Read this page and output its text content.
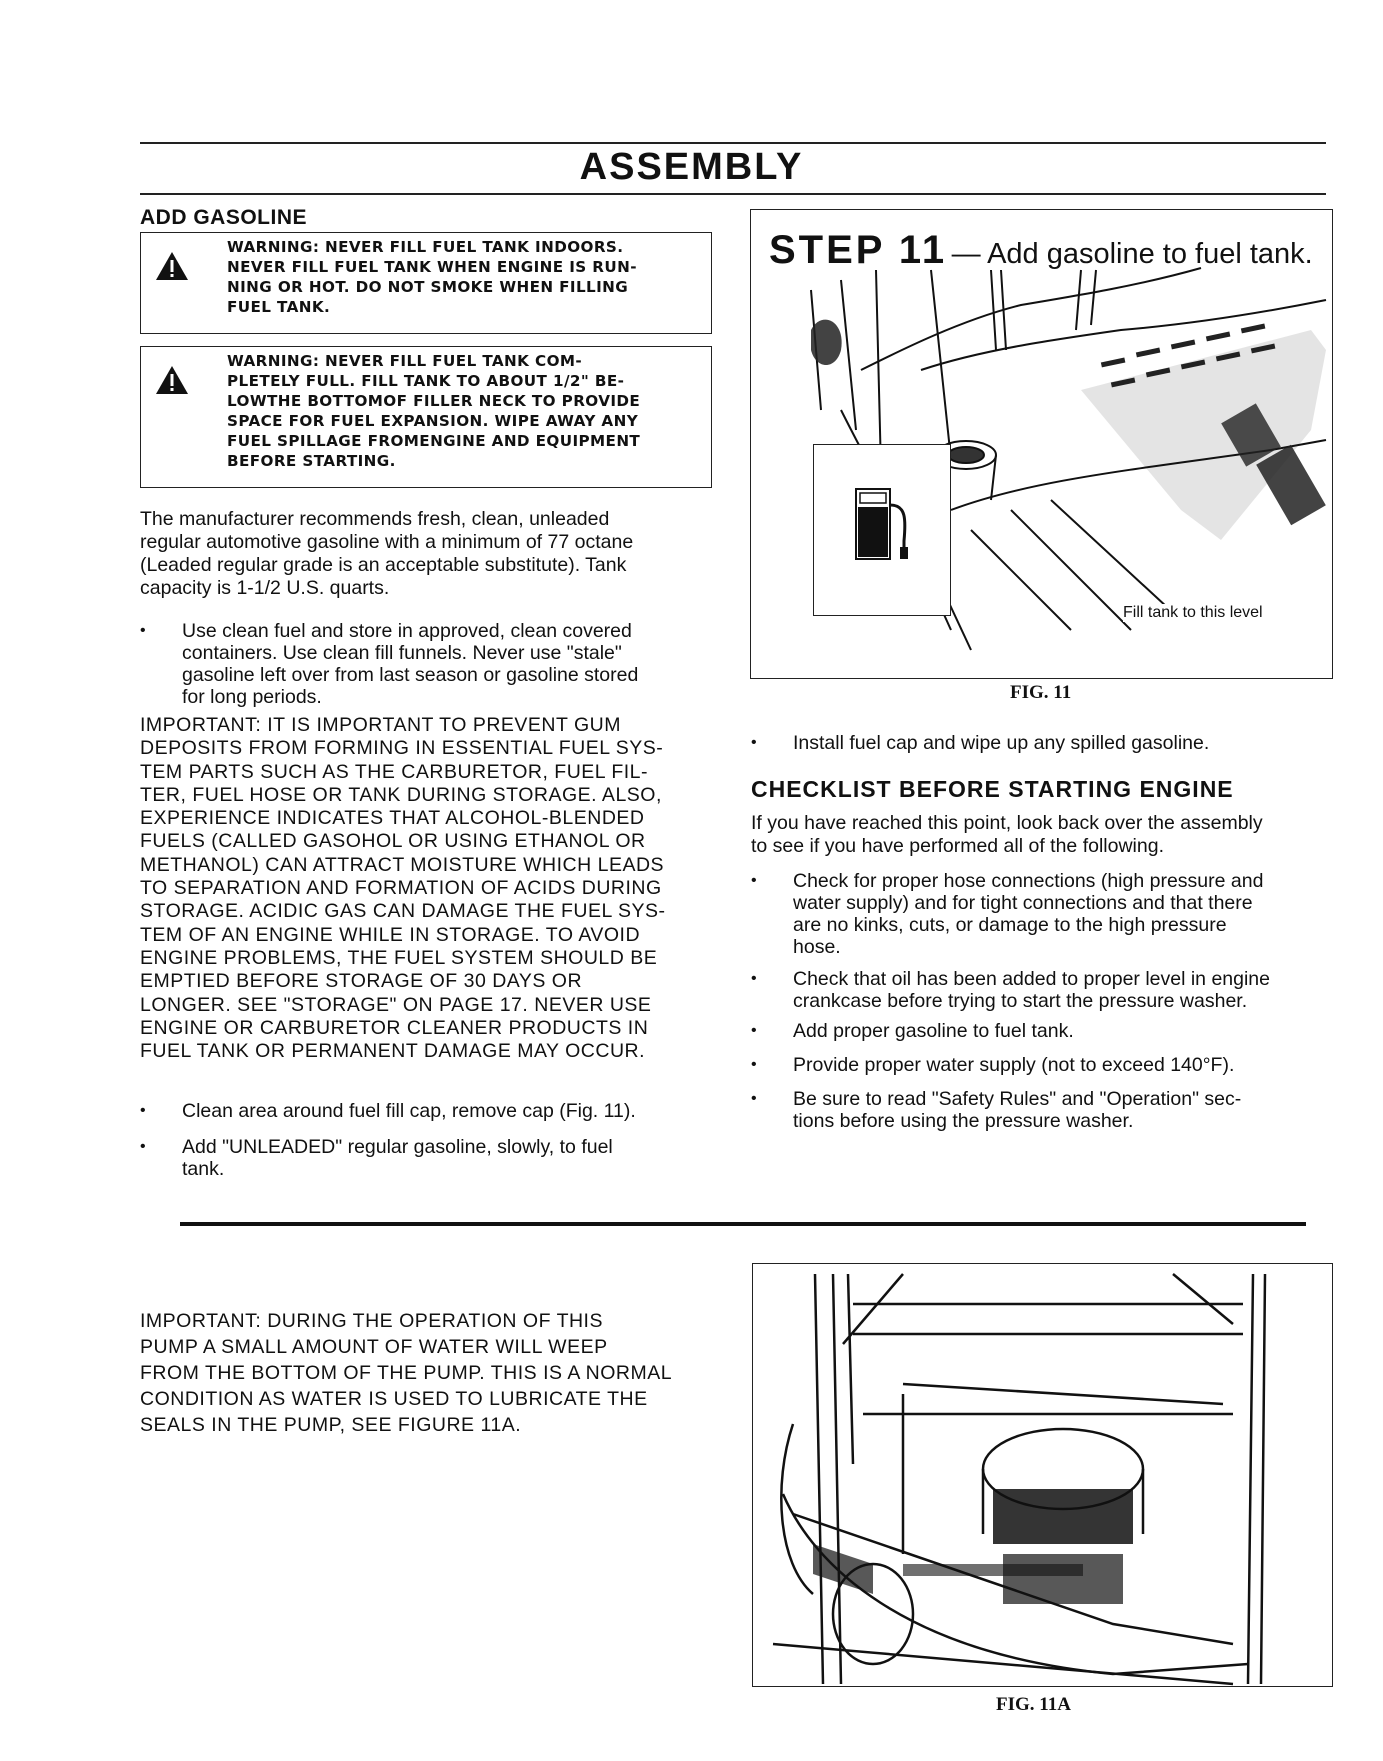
ASSEMBLY
ADD GASOLINE
WARNING: NEVER FILL FUEL TANK INDOORS.
NEVER FILL FUEL TANK WHEN ENGINE IS RUN-
NING OR HOT. DO NOT SMOKE WHEN FILLING
FUEL TANK.
WARNING: NEVER FILL FUEL TANK COM-
PLETELY FULL. FILL TANK TO ABOUT 1/2" BE-
LOWTHE BOTTOMOF FILLER NECK TO PROVIDE
SPACE FOR FUEL EXPANSION. WIPE AWAY ANY
FUEL SPILLAGE FROMENGINE AND EQUIPMENT
BEFORE STARTING.
The manufacturer recommends fresh, clean, unleaded
regular automotive gasoline with a minimum of 77 octane
(Leaded regular grade is an acceptable substitute). Tank
capacity is 1-1/2 U.S. quarts.
•	Use clean fuel and store in approved, clean covered
containers. Use clean fill funnels. Never use "stale"
gasoline left over from last season or gasoline stored
for long periods.
IMPORTANT: IT IS IMPORTANT TO PREVENT GUM
DEPOSITS FROM FORMING IN ESSENTIAL FUEL SYS-
TEM PARTS SUCH AS THE CARBURETOR, FUEL FIL-
TER, FUEL HOSE OR TANK DURING STORAGE. ALSO,
EXPERIENCE INDICATES THAT ALCOHOL-BLENDED
FUELS (CALLED GASOHOL OR USING ETHANOL OR
METHANOL) CAN ATTRACT MOISTURE WHICH LEADS
TO SEPARATION AND FORMATION OF ACIDS DURING
STORAGE. ACIDIC GAS CAN DAMAGE THE FUEL SYS-
TEM OF AN ENGINE WHILE IN STORAGE. TO AVOID
ENGINE PROBLEMS, THE FUEL SYSTEM SHOULD BE
EMPTIED BEFORE STORAGE OF 30 DAYS OR
LONGER. SEE "STORAGE" ON PAGE 17. NEVER USE
ENGINE OR CARBURETOR CLEANER PRODUCTS IN
FUEL TANK OR PERMANENT DAMAGE MAY OCCUR.
•	Clean area around fuel fill cap, remove cap (Fig. 11).
•	Add "UNLEADED" regular gasoline, slowly, to fuel
tank.
STEP 11 — Add gasoline to fuel tank.
Fill tank to this level
FIG. 11
•	Install fuel cap and wipe up any spilled gasoline.
CHECKLIST BEFORE STARTING ENGINE
If you have reached this point, look back over the assembly
to see if you have performed all of the following.
•	Check for proper hose connections (high pressure and
water supply) and for tight connections and that there
are no kinks, cuts, or damage to the high pressure
hose.
•	Check that oil has been added to proper level in engine
crankcase before trying to start the pressure washer.
•	Add proper gasoline to fuel tank.
•	Provide proper water supply (not to exceed 140°F).
•	Be sure to read "Safety Rules" and "Operation" sec-
tions before using the pressure washer.
IMPORTANT: DURING THE OPERATION OF THIS
PUMP A SMALL AMOUNT OF WATER WILL WEEP
FROM THE BOTTOM OF THE PUMP. THIS IS A NORMAL
CONDITION AS WATER IS USED TO LUBRICATE THE
SEALS IN THE PUMP, SEE FIGURE 11A.
FIG. 11A
